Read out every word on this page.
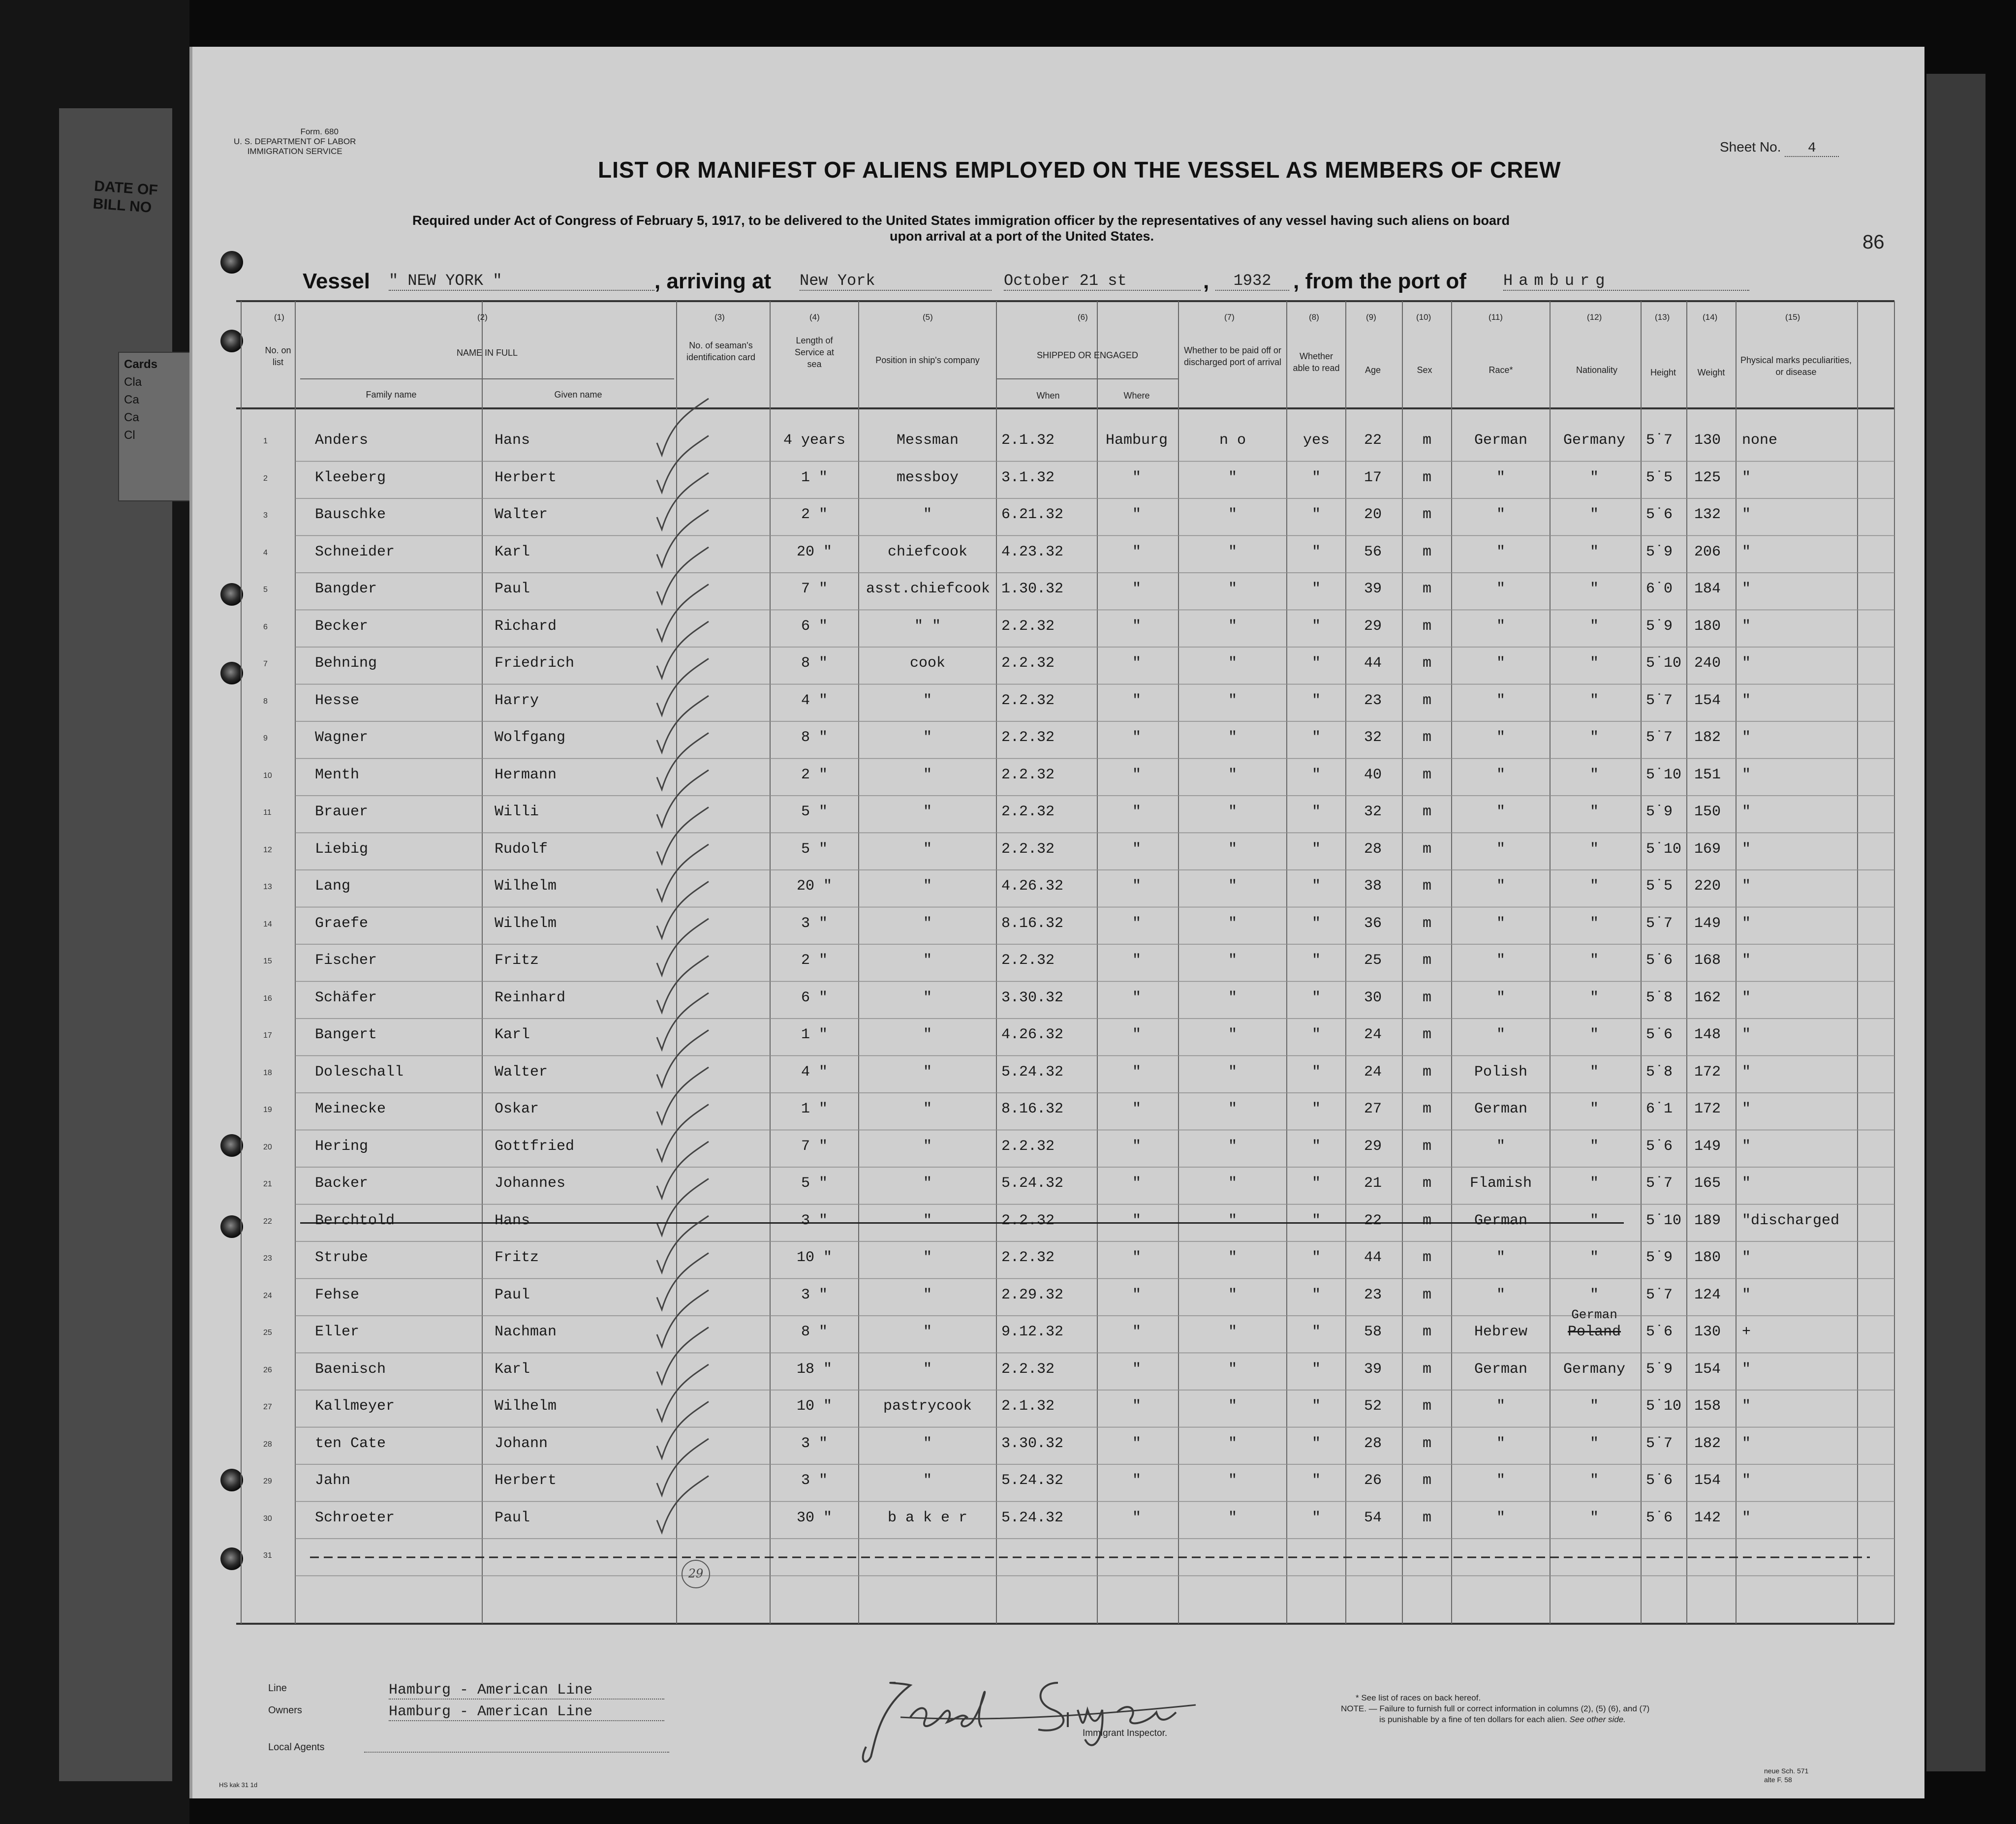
DATE OF
BILL NO
Cards
Cla
Ca
Ca
Cl
Form. 680
U. S. DEPARTMENT OF LABOR
IMMIGRATION SERVICE	Sheet No. 4
86
LIST OR MANIFEST OF ALIENS EMPLOYED ON THE VESSEL AS MEMBERS OF CREW
Required under Act of Congress of February 5, 1917, to be delivered to the United States immigration officer by the representatives of any vessel having such aliens on board
upon arrival at a port of the United States.
Vessel " NEW YORK "	, arriving at New York	October 21 st	,	1932	, from the port of Hamburg
(1)
No. on list
(2)
NAME IN FULL
Family name	Given name
(3)
No. of seaman's identification card
(4)
Length of Service at sea
(5)
Position in ship's company
(6)
SHIPPED OR ENGAGED
When	Where
(7)
Whether to be paid off or discharged port of arrival
(8)
Whether able to read
(9)
Age
(10)
Sex
(11)
Race*
(12)
Nationality
(13)
Height
(14)
Weight
(15)
Physical marks peculiarities, or disease
1	Anders	Hans	4 years	Messman	2.1.32	Hamburg	n o	yes	22	m	German	Germany	5˙7 130 none
2	Kleeberg	Herbert	1 "	messboy	3.1.32	"	"	"	17	m	"	"	5˙5 125 "
3	Bauschke	Walter	2 "	"	6.21.32	"	"	"	20	m	"	"	5˙6 132 "
4	Schneider	Karl	20 "	chiefcook	4.23.32	"	"	"	56	m	"	"	5˙9 206 "
5	Bangder	Paul	7 "	asst.chiefcook 1.30.32	"	"	"	39	m	"	"	6˙0 184 "
6	Becker	Richard	6 "	" "	2.2.32	"	"	"	29	m	"	"	5˙9 180 "
7	Behning	Friedrich	8 "	cook	2.2.32	"	"	"	44	m	"	"	5˙10 240 "
8	Hesse	Harry	4 "	"	2.2.32	"	"	"	23	m	"	"	5˙7 154 "
9	Wagner	Wolfgang	8 "	"	2.2.32	"	"	"	32	m	"	"	5˙7 182 "
10	Menth	Hermann	2 "	"	2.2.32	"	"	"	40	m	"	"	5˙10 151 "
11	Brauer	Willi	5 "	"	2.2.32	"	"	"	32	m	"	"	5˙9 150 "
12	Liebig	Rudolf	5 "	"	2.2.32	"	"	"	28	m	"	"	5˙10 169 "
13	Lang	Wilhelm	20 "	"	4.26.32	"	"	"	38	m	"	"	5˙5 220 "
14	Graefe	Wilhelm	3 "	"	8.16.32	"	"	"	36	m	"	"	5˙7 149 "
15	Fischer	Fritz	2 "	"	2.2.32	"	"	"	25	m	"	"	5˙6 168 "
16	Schäfer	Reinhard	6 "	"	3.30.32	"	"	"	30	m	"	"	5˙8 162 "
17	Bangert	Karl	1 "	"	4.26.32	"	"	"	24	m	"	"	5˙6 148 "
18	Doleschall	Walter	4 "	"	5.24.32	"	"	"	24	m	Polish	"	5˙8 172 "
19	Meinecke	Oskar	1 "	"	8.16.32	"	"	"	27	m	German	"	6˙1 172 "
20	Hering	Gottfried	7 "	"	2.2.32	"	"	"	29	m	"	"	5˙6 149 "
21	Backer	Johannes	5 "	"	5.24.32	"	"	"	21	m	Flamish	"	5˙7 165 "
22	Berchtold	Hans	3 "	"	2.2.32	"	"	"	22	m	German	"	5˙10 189 "discharged
23	Strube	Fritz	10 "	"	2.2.32	"	"	"	44	m	"	"	5˙9 180 "
24	Fehse	Paul	3 "	"	2.29.32	"	"	"	23	m	"	"	5˙7 124 "
25	Eller	Nachman	8 "	"	9.12.32	"	"	"	58	m	Hebrew
German
Poland	5˙6 130 +
26	Baenisch	Karl	18 "	"	2.2.32	"	"	"	39	m	German	Germany	5˙9 154 "
27	Kallmeyer	Wilhelm	10 "	pastrycook	2.1.32	"	"	"	52	m	"	"	5˙10 158 "
28	ten Cate	Johann	3 "	"	3.30.32	"	"	"	28	m	"	"	5˙7 182 "
29	Jahn	Herbert	3 "	"	5.24.32	"	"	"	26	m	"	"	5˙6 154 "
30	Schroeter	Paul	30 "	b a k e r	5.24.32	"	"	"	54	m	"	"	5˙6 142 "
31
29
Line	Hamburg - American Line
Owners	Hamburg - American Line
Local Agents
Immigrant Inspector.
* See list of races on back hereof.
NOTE. — Failure to furnish full or correct information in columns (2), (5) (6), and (7)
is punishable by a fine of ten dollars for each alien. See other side.
HS kak 31 1d
neue Sch. 571
alte F. 58
